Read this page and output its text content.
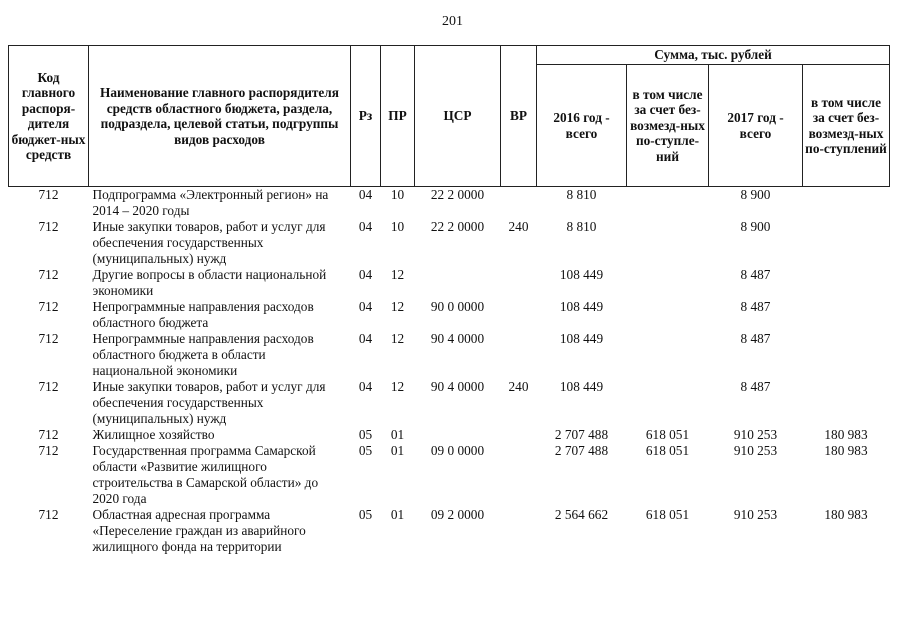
201
Код главного распоря-дителя бюджет-ных средств	Наименование главного распорядителя средств областного бюджета, раздела, подраздела, целевой статьи, подгруппы видов расходов	Рз	ПР	ЦСР	ВР	Сумма, тыс. рублей			
						2016 год - всего	в том числе за счет без-возмезд-ных по-ступле-ний	2017 год - всего	в том числе за счет без-возмезд-ных по-ступлений
712	Подпрограмма «Электронный регион» на 2014 – 2020 годы	04	10	22 2 0000		8 810		8 900	
712	Иные закупки товаров, работ и услуг для обеспечения государственных (муниципальных) нужд	04	10	22 2 0000	240	8 810		8 900	
712	Другие вопросы в области национальной экономики	04	12			108 449		8 487	
712	Непрограммные направления расходов областного бюджета	04	12	90 0 0000		108 449		8 487	
712	Непрограммные направления расходов областного бюджета в области национальной экономики	04	12	90 4 0000		108 449		8 487	
712	Иные закупки товаров, работ и услуг для обеспечения государственных (муниципальных) нужд	04	12	90 4 0000	240	108 449		8 487	
712	Жилищное хозяйство	05	01			2 707 488	618 051	910 253	180 983
712	Государственная программа Самарской области «Развитие жилищного строительства в Самарской области» до 2020 года	05	01	09 0 0000		2 707 488	618 051	910 253	180 983
712	Областная адресная программа «Переселение граждан из аварийного жилищного фонда на территории	05	01	09 2 0000		2 564 662	618 051	910 253	180 983
